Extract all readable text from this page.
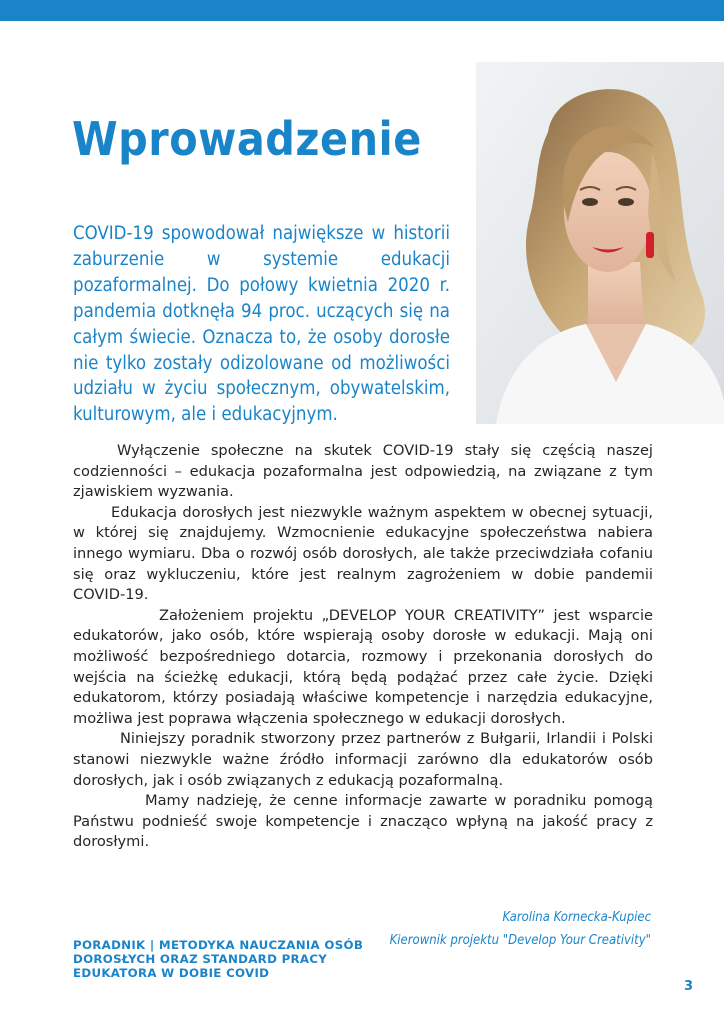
Wprowadzenie

COVID-19 spowodował największe w historii zaburzenie w systemie edukacji pozaformalnej. Do połowy kwietnia 2020 r. pandemia dotknęła 94 proc. uczących się na całym świecie. Oznacza to, że osoby dorosłe nie tylko zostały odizolowane od możliwości udziału w życiu społecznym, obywatelskim, kulturowym, ale i edukacyjnym.

Wyłączenie społeczne na skutek COVID-19 stały się częścią naszej codzienności – edukacja pozaformalna jest odpowiedzią, na związane z tym zjawiskiem wyzwania.

Edukacja dorosłych jest niezwykle ważnym aspektem w obecnej sytuacji, w której się znajdujemy. Wzmocnienie edukacyjne społeczeństwa nabiera innego wymiaru. Dba o rozwój osób dorosłych, ale także przeciwdziała cofaniu się oraz wykluczeniu, które jest realnym zagrożeniem w dobie pandemii COVID-19.

Założeniem projektu „DEVELOP YOUR CREATIVITY” jest wsparcie edukatorów, jako osób, które wspierają osoby dorosłe w edukacji. Mają oni możliwość bezpośredniego dotarcia, rozmowy i przekonania dorosłych do wejścia na ścieżkę edukacji, którą będą podążać przez całe życie. Dzięki edukatorom, którzy posiadają właściwe kompetencje i narzędzia edukacyjne, możliwa jest poprawa włączenia społecznego w edukacji dorosłych.

Niniejszy poradnik stworzony przez partnerów z Bułgarii, Irlandii i Polski stanowi niezwykle ważne źródło informacji zarówno dla edukatorów osób dorosłych, jak i osób związanych z edukacją pozaformalną.

Mamy nadzieję, że cenne informacje zawarte w poradniku pomogą Państwu podnieść swoje kompetencje i znacząco wpłyną na jakość pracy z dorosłymi.

Karolina Kornecka-Kupiec
Kierownik projektu "Develop Your Creativity"
PORADNIK | METODYKA NAUCZANIA OSÓB DOROSŁYCH ORAZ STANDARD PRACY EDUKATORA W DOBIE COVID
3
